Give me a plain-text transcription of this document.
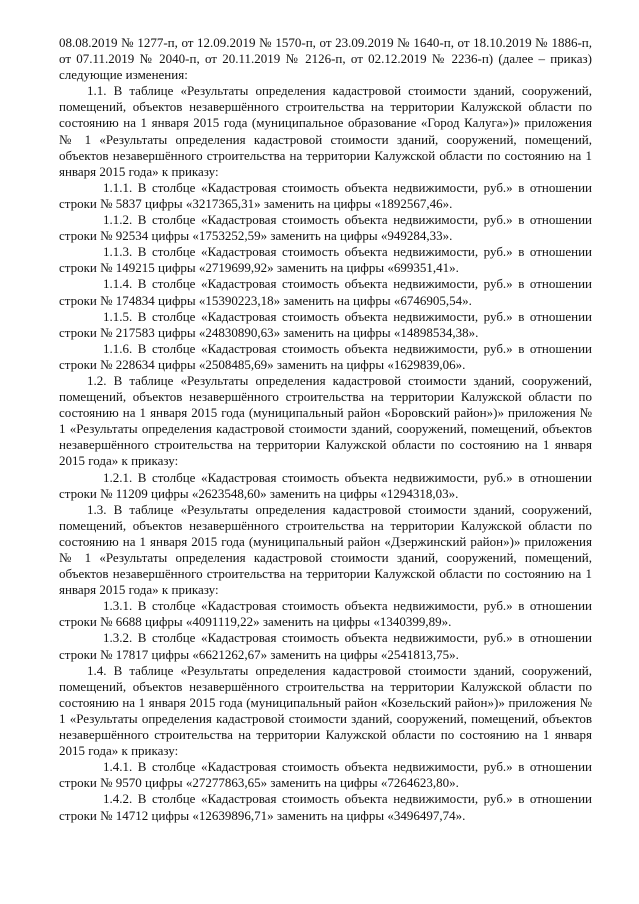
08.08.2019 № 1277-п, от 12.09.2019 № 1570-п, от 23.09.2019 № 1640-п, от 18.10.2019 № 1886-п, от 07.11.2019 № 2040-п, от 20.11.2019 № 2126-п, от 02.12.2019 № 2236-п) (далее – приказ) следующие изменения:

1.1. В таблице «Результаты определения кадастровой стоимости зданий, сооружений, помещений, объектов незавершённого строительства на территории Калужской области по состоянию на 1 января 2015 года (муниципальное образование «Город Калуга»)» приложения № 1 «Результаты определения кадастровой стоимости зданий, сооружений, помещений, объектов незавершённого строительства на территории Калужской области по состоянию на 1 января 2015 года» к приказу:

1.1.1. В столбце «Кадастровая стоимость объекта недвижимости, руб.» в отношении строки № 5837 цифры «3217365,31» заменить на цифры «1892567,46».

1.1.2. В столбце «Кадастровая стоимость объекта недвижимости, руб.» в отношении строки № 92534 цифры «1753252,59» заменить на цифры «949284,33».

1.1.3. В столбце «Кадастровая стоимость объекта недвижимости, руб.» в отношении строки № 149215 цифры «2719699,92» заменить на цифры «699351,41».

1.1.4. В столбце «Кадастровая стоимость объекта недвижимости, руб.» в отношении строки № 174834 цифры «15390223,18» заменить на цифры «6746905,54».

1.1.5. В столбце «Кадастровая стоимость объекта недвижимости, руб.» в отношении строки № 217583 цифры «24830890,63» заменить на цифры «14898534,38».

1.1.6. В столбце «Кадастровая стоимость объекта недвижимости, руб.» в отношении строки № 228634 цифры «2508485,69» заменить на цифры «1629839,06».

1.2. В таблице «Результаты определения кадастровой стоимости зданий, сооружений, помещений, объектов незавершённого строительства на территории Калужской области по состоянию на 1 января 2015 года (муниципальный район «Боровский район»)» приложения № 1 «Результаты определения кадастровой стоимости зданий, сооружений, помещений, объектов незавершённого строительства на территории Калужской области по состоянию на 1 января 2015 года» к приказу:

1.2.1. В столбце «Кадастровая стоимость объекта недвижимости, руб.» в отношении строки № 11209 цифры «2623548,60» заменить на цифры «1294318,03».

1.3. В таблице «Результаты определения кадастровой стоимости зданий, сооружений, помещений, объектов незавершённого строительства на территории Калужской области по состоянию на 1 января 2015 года (муниципальный район «Дзержинский район»)» приложения № 1 «Результаты определения кадастровой стоимости зданий, сооружений, помещений, объектов незавершённого строительства на территории Калужской области по состоянию на 1 января 2015 года» к приказу:

1.3.1. В столбце «Кадастровая стоимость объекта недвижимости, руб.» в отношении строки № 6688 цифры «4091119,22» заменить на цифры «1340399,89».

1.3.2. В столбце «Кадастровая стоимость объекта недвижимости, руб.» в отношении строки № 17817 цифры «6621262,67» заменить на цифры «2541813,75».

1.4. В таблице «Результаты определения кадастровой стоимости зданий, сооружений, помещений, объектов незавершённого строительства на территории Калужской области по состоянию на 1 января 2015 года (муниципальный район «Козельский район»)» приложения № 1 «Результаты определения кадастровой стоимости зданий, сооружений, помещений, объектов незавершённого строительства на территории Калужской области по состоянию на 1 января 2015 года» к приказу:

1.4.1. В столбце «Кадастровая стоимость объекта недвижимости, руб.» в отношении строки № 9570 цифры «27277863,65» заменить на цифры «7264623,80».

1.4.2. В столбце «Кадастровая стоимость объекта недвижимости, руб.» в отношении строки № 14712 цифры «12639896,71» заменить на цифры «3496497,74».
